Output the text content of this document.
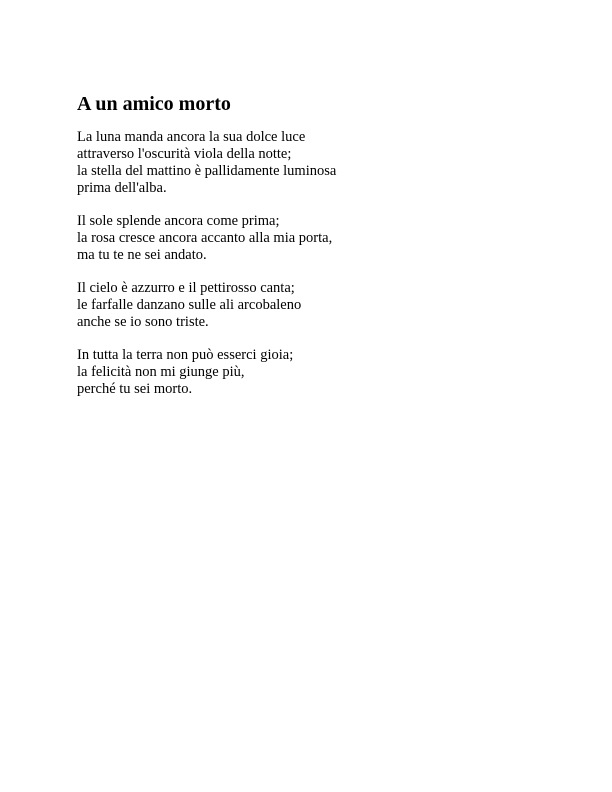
A un amico morto
La luna manda ancora la sua dolce luce
attraverso l'oscurità viola della notte;
la stella del mattino è pallidamente luminosa
prima dell'alba.
Il sole splende ancora come prima;
la rosa cresce ancora accanto alla mia porta,
ma tu te ne sei andato.
Il cielo è azzurro e il pettirosso canta;
le farfalle danzano sulle ali arcobaleno
anche se io sono triste.
In tutta la terra non può esserci gioia;
la felicità non mi giunge più,
perché tu sei morto.
